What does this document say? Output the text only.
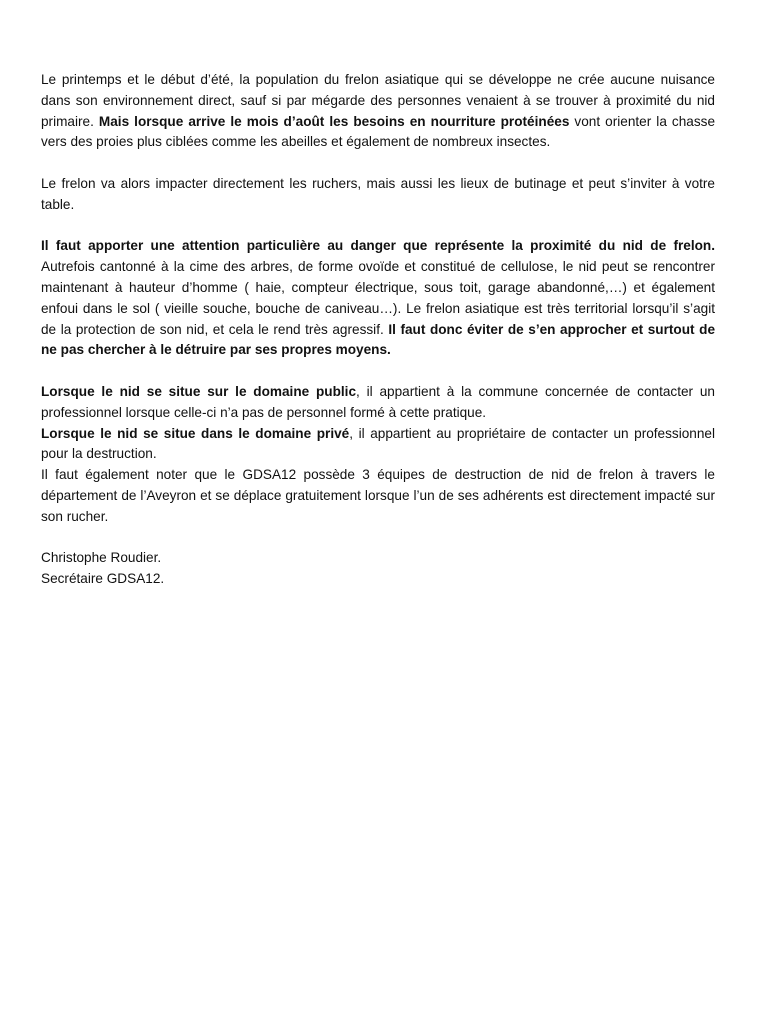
Le printemps et le début d’été, la population du frelon asiatique qui se développe ne crée aucune nuisance dans son environnement direct, sauf si par mégarde des personnes venaient à se trouver à proximité du nid primaire. Mais lorsque arrive le mois d’août les besoins en nourriture protéinées vont orienter la chasse vers des proies plus ciblées comme les abeilles et également de nombreux insectes.

Le frelon va alors impacter directement les ruchers, mais aussi les lieux de butinage et peut s’inviter à votre table.

Il faut apporter une attention particulière au danger que représente la proximité du nid de frelon. Autrefois cantonné à la cime des arbres, de forme ovoïde et constitué de cellulose, le nid peut se rencontrer maintenant à hauteur d’homme ( haie, compteur électrique, sous toit, garage abandonné,…) et également enfoui dans le sol ( vieille souche, bouche de caniveau…). Le frelon asiatique est très territorial lorsqu’il s’agit de la protection de son nid, et cela le rend très agressif. Il faut donc éviter de s’en approcher et surtout de ne pas chercher à le détruire par ses propres moyens.

Lorsque le nid se situe sur le domaine public, il appartient à la commune concernée de contacter un professionnel lorsque celle-ci n’a pas de personnel formé à cette pratique.

Lorsque le nid se situe dans le domaine privé, il appartient au propriétaire de contacter un professionnel pour la destruction.

Il faut également noter que le GDSA12 possède 3 équipes de destruction de nid de frelon à travers le département de l’Aveyron et se déplace gratuitement lorsque l’un de ses adhérents est directement impacté sur son rucher.

Christophe Roudier.

Secrétaire GDSA12.
